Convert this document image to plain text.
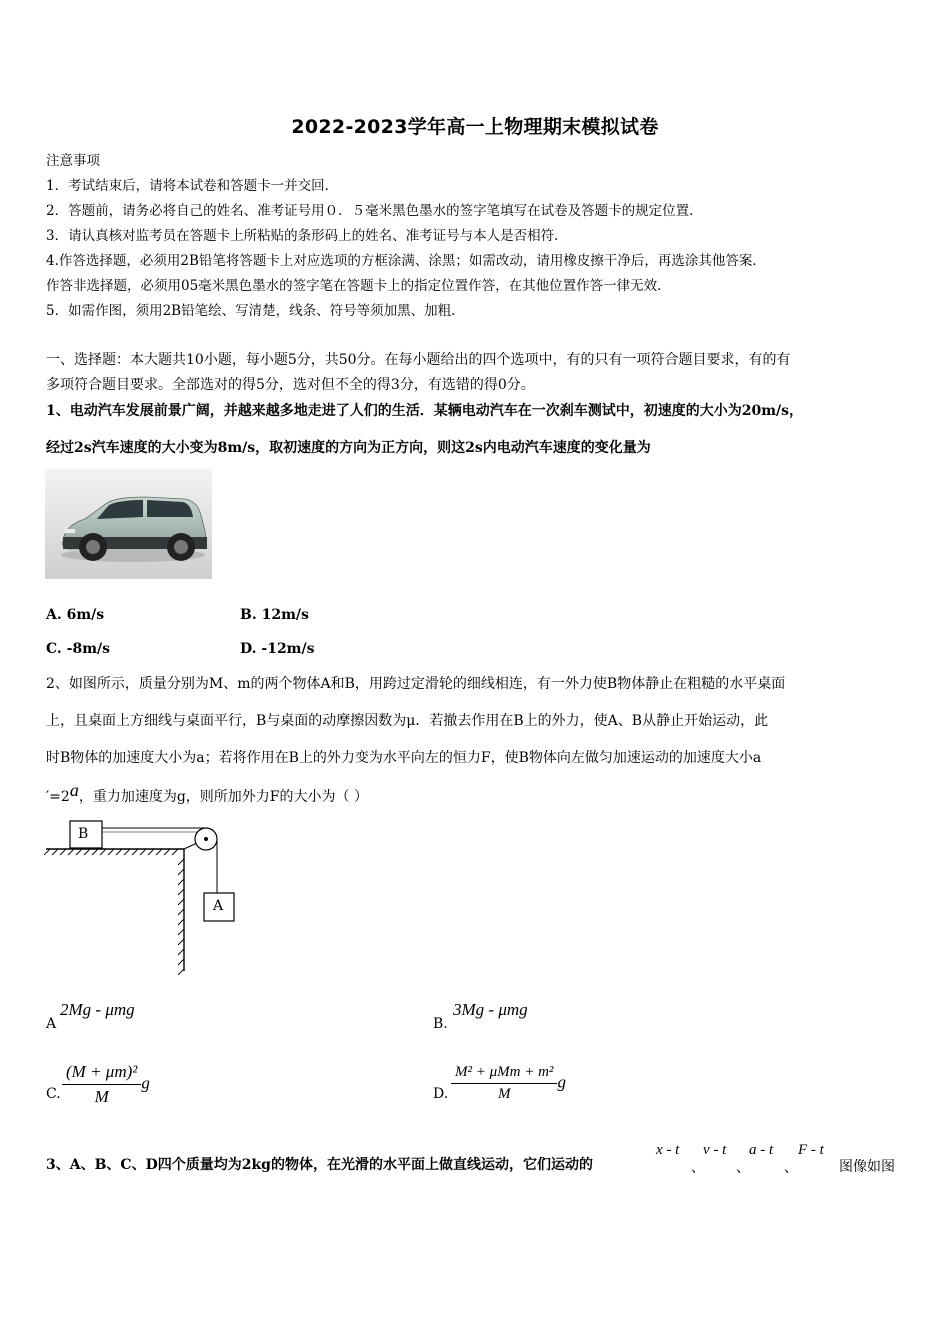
2022-2023学年高一上物理期末模拟试卷
注意事项
1．考试结束后，请将本试卷和答题卡一并交回．
2．答题前，请务必将自己的姓名、准考证号用０．５毫米黑色墨水的签字笔填写在试卷及答题卡的规定位置．
3．请认真核对监考员在答题卡上所粘贴的条形码上的姓名、准考证号与本人是否相符．
4.作答选择题，必须用2B铅笔将答题卡上对应选项的方框涂满、涂黑；如需改动，请用橡皮擦干净后，再选涂其他答案．
作答非选择题，必须用05毫米黑色墨水的签字笔在答题卡上的指定位置作答，在其他位置作答一律无效．
5．如需作图，须用2B铅笔绘、写清楚，线条、符号等须加黑、加粗．
一、选择题：本大题共10小题，每小题5分，共50分。在每小题给出的四个选项中，有的只有一项符合题目要求，有的有
多项符合题目要求。全部选对的得5分，选对但不全的得3分，有选错的得0分。
1、电动汽车发展前景广阔，并越来越多地走进了人们的生活．某辆电动汽车在一次刹车测试中，初速度的大小为20m/s，
经过2s汽车速度的大小变为8m/s，取初速度的方向为正方向，则这2s内电动汽车速度的变化量为
A. 6m/s	B. 12m/s
C. -8m/s	D. -12m/s
2、如图所示，质量分别为M、m的两个物体A和B，用跨过定滑轮的细线相连，有一外力使B物体静止在粗糙的水平桌面
上，且桌面上方细线与桌面平行，B与桌面的动摩擦因数为μ．若撤去作用在B上的外力，使A、B从静止开始运动，此
时B物体的加速度大小为a；若将作用在B上的外力变为水平向左的恒力F，使B物体向左做匀加速运动的加速度大小a
′=2a，重力加速度为g，则所加外力F的大小为（ ）
B
A
A
2Mg - μmg
B.
3Mg - μmg
C. $\frac{\text{(M + μm)²}}{M}$ g
D. $\frac{\text{M² + μMm + m²}}{M}$ g
3、A、B、C、D四个质量均为2kg的物体，在光滑的水平面上做直线运动，它们运动的
x - t
、
v - t
、
a - t
、
F - t
图像如图
